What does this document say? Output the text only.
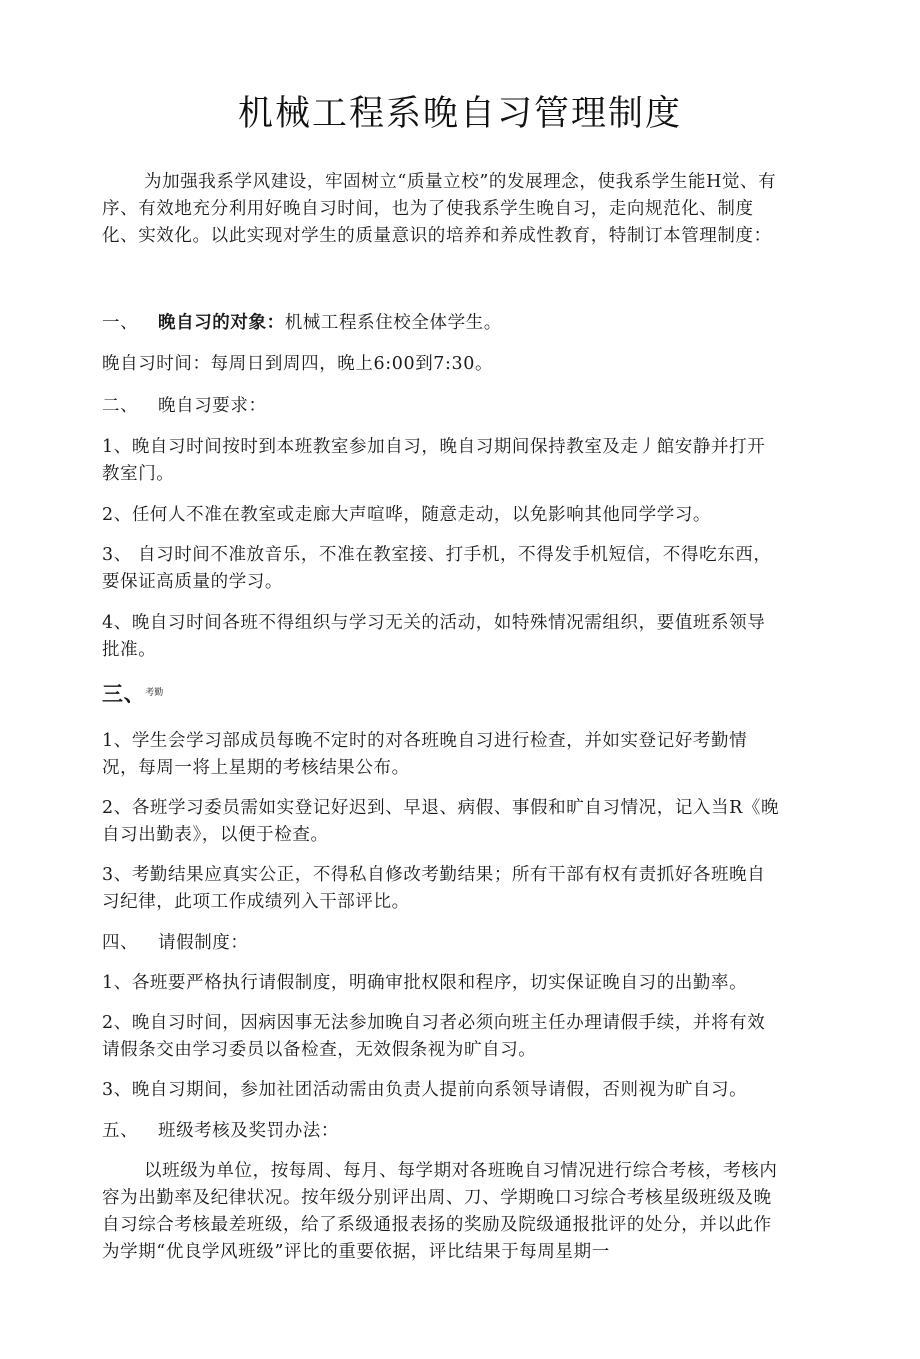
机械工程系晚自习管理制度
为加强我系学风建设，牢固树立“质量立校”的发展理念，使我系学生能H觉、有序、有效地充分利用好晚自习时间，也为了使我系学生晚自习，走向规范化、制度化、实效化。以此实现对学生的质量意识的培养和养成性教育，特制订本管理制度：
一、 晚自习的对象：机械工程系住校全体学生。
晚自习时间：每周日到周四，晚上6:00到7:30。
二、 晚自习要求：
1、晚自习时间按时到本班教室参加自习，晚自习期间保持教室及走丿館安静并打开教室门。
2、任何人不准在教室或走廊大声喧哗，随意走动，以免影响其他同学学习。
3、 自习时间不准放音乐，不准在教室接、打手机，不得发手机短信，不得吃东西，要保证高质量的学习。
4、晚自习时间各班不得组织与学习无关的活动，如特殊情况需组织，要值班系领导批准。
三、$^{考勤}$
1、学生会学习部成员每晚不定时的对各班晚自习进行检查，并如实登记好考勤情况，每周一将上星期的考核结果公布。
2、各班学习委员需如实登记好迟到、早退、病假、事假和旷自习情况，记入当R《晚自习出勤表》，以便于检查。
3、考勤结果应真实公正，不得私自修改考勤结果；所有干部有权有责抓好各班晚自习纪律，此项工作成绩列入干部评比。
四、 请假制度：
1、各班要严格执行请假制度，明确审批权限和程序，切实保证晚自习的出勤率。
2、晚自习时间，因病因事无法参加晚自习者必须向班主任办理请假手续，并将有效请假条交由学习委员以备检查，无效假条视为旷自习。
3、晚自习期间，参加社团活动需由负责人提前向系领导请假，否则视为旷自习。
五、 班级考核及奖罚办法：
以班级为单位，按每周、每月、每学期对各班晚自习情况进行综合考核，考核内容为出勤率及纪律状况。按年级分别评出周、刀、学期晚口习综合考核星级班级及晚自习综合考核最差班级，给了系级通报表扬的奖励及院级通报批评的处分，并以此作为学期“优良学风班级”评比的重要依据，评比结果于每周星期一
